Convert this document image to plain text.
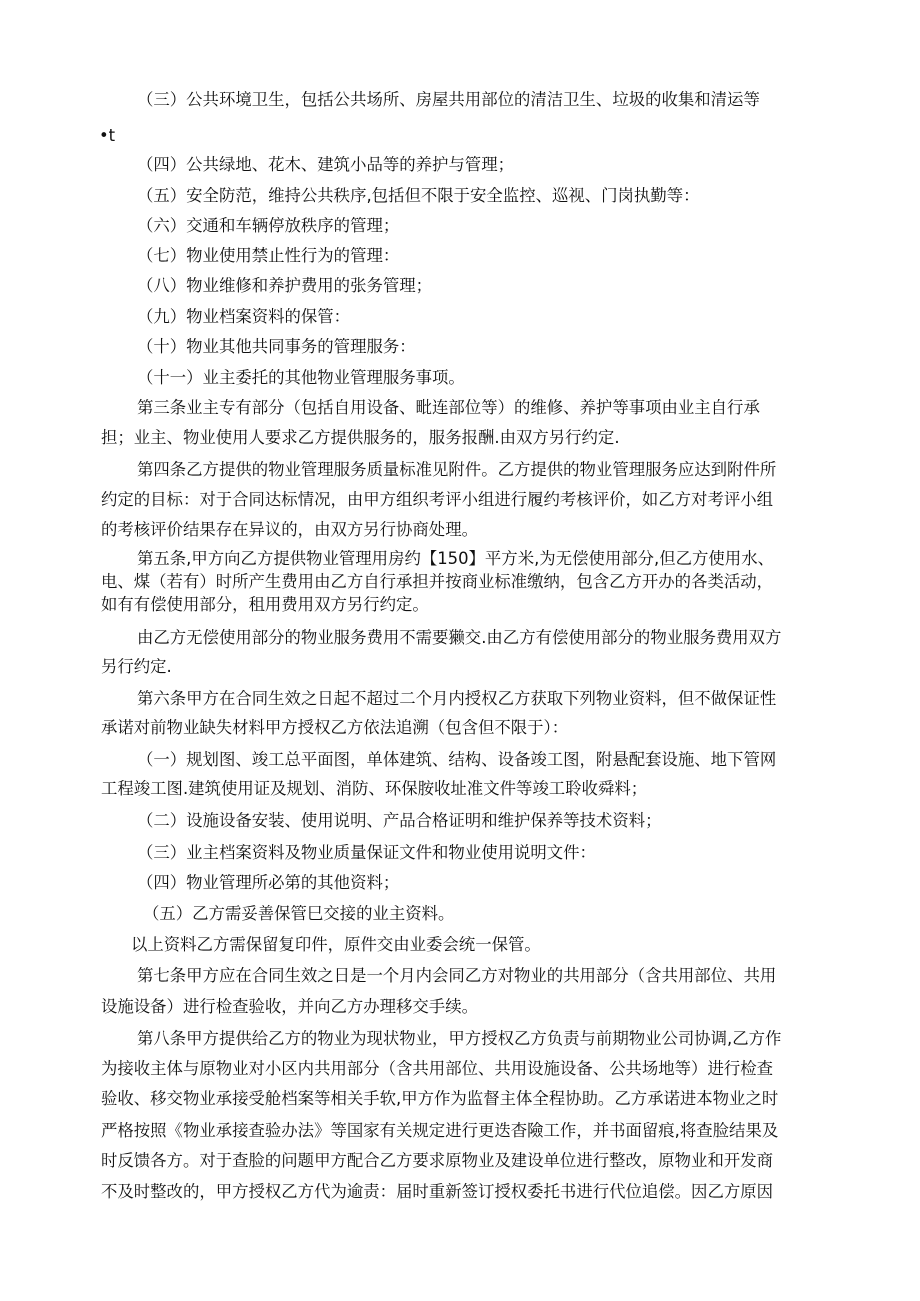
（三）公共环境卫生，包括公共场所、房屋共用部位的清洁卫生、垃圾的收集和清运等
•t
（四）公共绿地、花木、建筑小品等的养护与管理；
（五）安全防范，维持公共秩序,包括但不限于安全监控、巡视、门岗执勤等：
（六）交通和车辆停放秩序的管理；
（七）物业使用禁止性行为的管理：
（八）物业维修和养护费用的张务管理；
（九）物业档案资料的保管：
（十）物业其他共同事务的管理服务：
（十一）业主委托的其他物业管理服务事项。
第三条业主专有部分（包括自用设备、毗连部位等）的维修、养护等事项由业主自行承
担；业主、物业使用人要求乙方提供服务的，服务报酬.由双方另行约定.
第四条乙方提供的物业管理服务质量标准见附件。乙方提供的物业管理服务应达到附件所
约定的目标：对于合同达标情况，由甲方组织考评小组进行履约考核评价，如乙方对考评小组
的考核评价结果存在异议的，由双方另行协商处理。
第五条,甲方向乙方提供物业管理用房约【150】平方米,为无偿使用部分,但乙方使用水、
电、煤（若有）时所产生费用由乙方自行承担并按商业标准缴纳，包含乙方开办的各类活动，
如有有偿使用部分，租用费用双方另行约定。
由乙方无偿使用部分的物业服务费用不需要獭交.由乙方有偿使用部分的物业服务费用双方
另行约定.
第六条甲方在合同生效之日起不超过二个月内授权乙方获取下列物业资料，但不做保证性
承诺对前物业缺失材料甲方授权乙方依法追溯（包含但不限于）：
（一）规划图、竣工总平面图，单体建筑、结构、设备竣工图，附悬配套设施、地下管网
工程竣工图.建筑使用证及规划、消防、环保胺收址准文件等竣工聆收舜料；
（二）设施设备安装、使用说明、产品合格证明和维护保养等技术资料；
（三）业主档案资料及物业质量保证文件和物业使用说明文件：
（四）物业管理所必第的其他资料；
（五）乙方需妥善保管巳交接的业主资料。
以上资料乙方需保留复印件，原件交由业委会统一保管。
第七条甲方应在合同生效之日是一个月内会同乙方对物业的共用部分（含共用部位、共用
设施设备）进行检查验收，并向乙方办理移交手续。
第八条甲方提供给乙方的物业为现状物业，甲方授权乙方负责与前期物业公司协调,乙方作
为接收主体与原物业对小区内共用部分（含共用部位、共用设施设备、公共场地等）进行检查
验收、移交物业承接受舱档案等相关手软,甲方作为监督主体全程协助。乙方承诺进本物业之时
严格按照《物业承接查验办法》等国家有关规定进行更迭杳險工作，并书面留痕,将查脸结果及
时反馈各方。对于查脸的问题甲方配合乙方要求原物业及建设单位进行整改，原物业和开发商
不及时整改的，甲方授权乙方代为逾责：届时重新签订授权委托书进行代位追偿。因乙方原因
